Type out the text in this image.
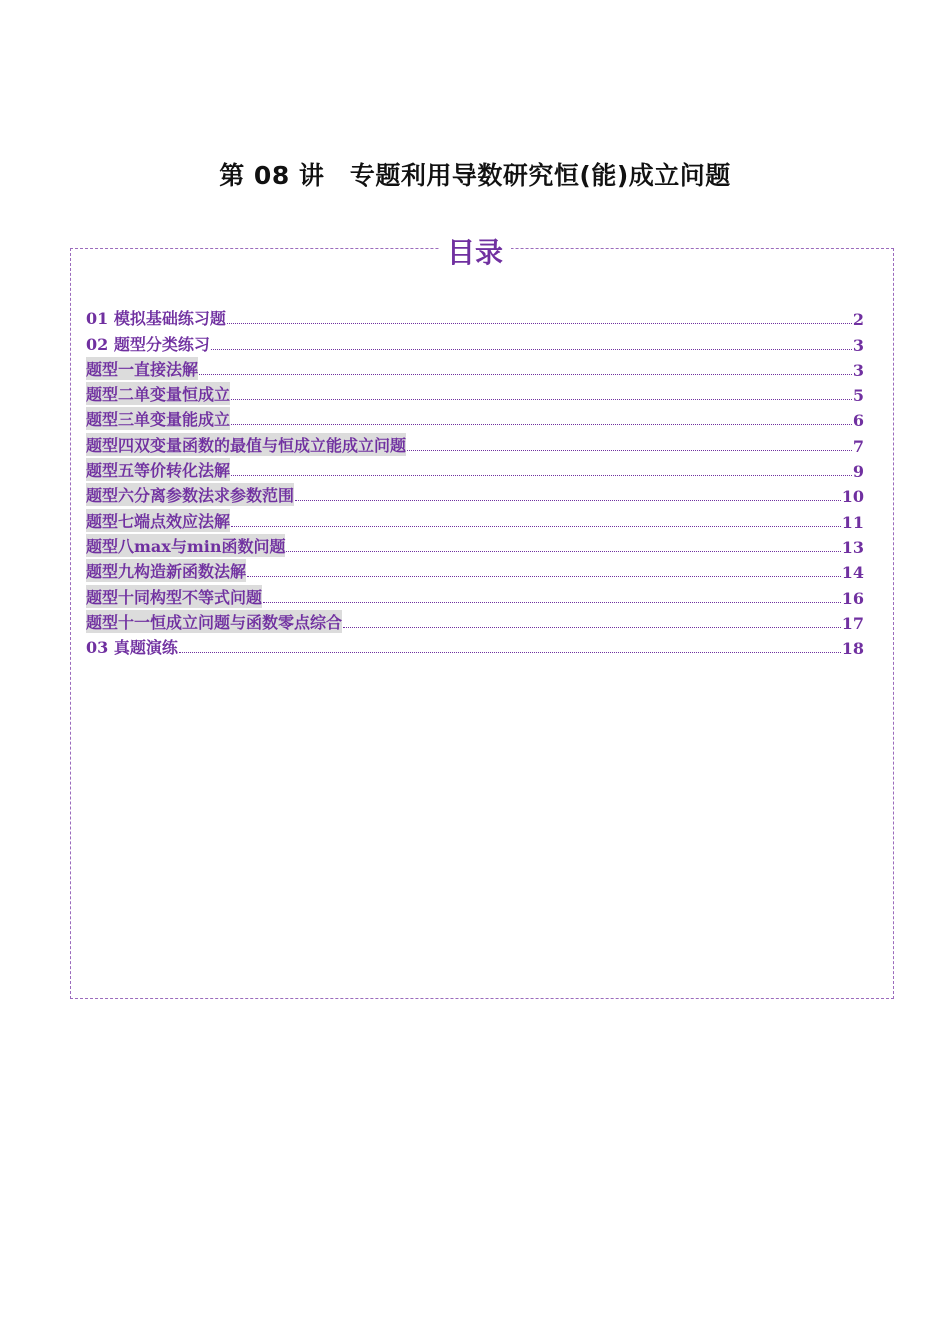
第 08 讲　专题利用导数研究恒(能)成立问题
目录
01 模拟基础练习题	2
02 题型分类练习	3
题型一直接法解	3
题型二单变量恒成立	5
题型三单变量能成立	6
题型四双变量函数的最值与恒成立能成立问题	7
题型五等价转化法解	9
题型六分离参数法求参数范围	10
题型七端点效应法解	11
题型八max与min函数问题	13
题型九构造新函数法解	14
题型十同构型不等式问题	16
题型十一恒成立问题与函数零点综合	17
03 真题演练	18
